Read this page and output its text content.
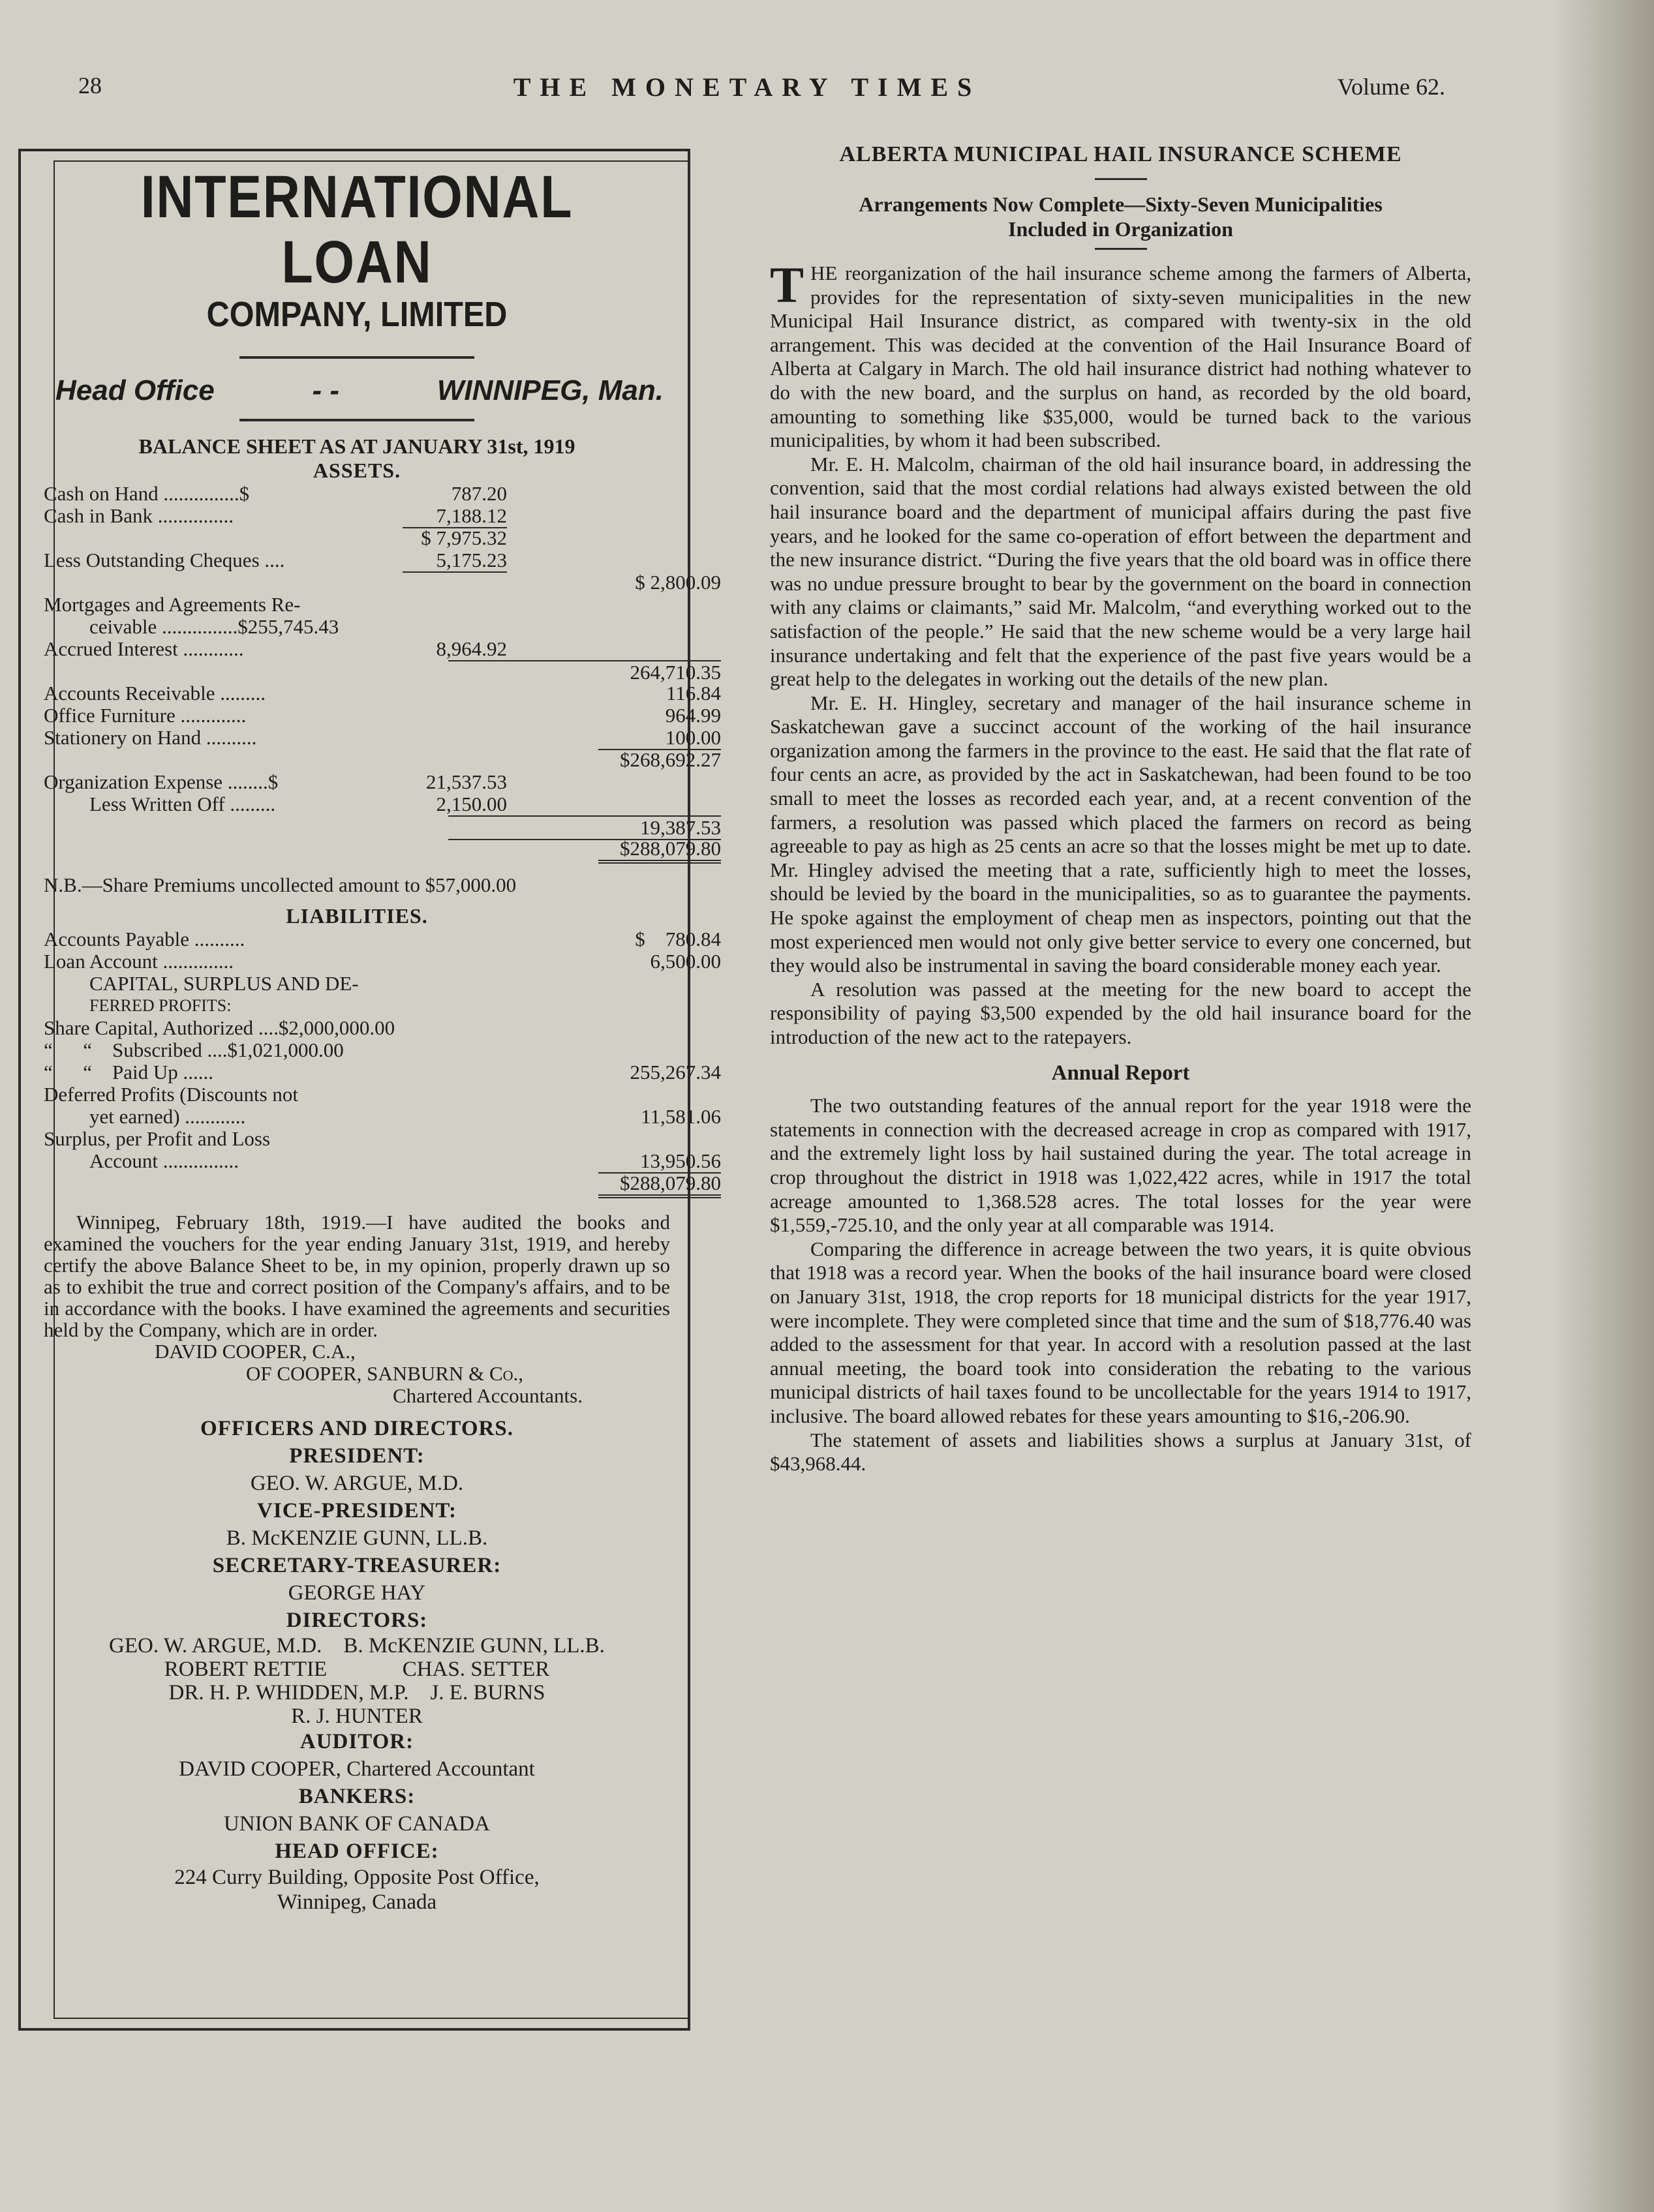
28	THE MONETARY TIMES	Volume 62.
INTERNATIONAL LOAN
COMPANY, LIMITED
Head Office	- -	WINNIPEG, Man.
BALANCE SHEET AS AT JANUARY 31st, 1919
ASSETS.
Cash on Hand ...............$	787.20
Cash in Bank ...............	7,188.12
$ 7,975.32
Less Outstanding Cheques ....	5,175.23
$ 2,800.09
Mortgages and Agreements Re-
ceivable ...............$255,745.43
Accrued Interest ............	8,964.92
264,710.35
Accounts Receivable .........	116.84
Office Furniture .............	964.99
Stationery on Hand ..........	100.00
$268,692.27
Organization Expense ........$	21,537.53
Less Written Off .........	2,150.00
19,387.53
$288,079.80
N.B.—Share Premiums uncollected amount to $57,000.00
LIABILITIES.
Accounts Payable ..........	$    780.84
Loan Account ..............	6,500.00
CAPITAL, SURPLUS AND DE-
FERRED PROFITS:
Share Capital, Authorized ....$2,000,000.00
“      “    Subscribed ....$1,021,000.00
“      “    Paid Up ......	255,267.34
Deferred Profits (Discounts not
yet earned) ............	11,581.06
Surplus, per Profit and Loss
Account ...............	13,950.56
$288,079.80
Winnipeg, February 18th, 1919.—I have audited the books and examined the vouchers for the year ending January 31st, 1919, and hereby certify the above Balance Sheet to be, in my opinion, properly drawn up so as to exhibit the true and correct position of the Company's affairs, and to be in accordance with the books. I have examined the agreements and securities held by the Company, which are in order.
DAVID COOPER, C.A.,
OF COOPER, SANBURN & Co.,
Chartered Accountants.
OFFICERS AND DIRECTORS.
PRESIDENT:
GEO. W. ARGUE, M.D.
VICE-PRESIDENT:
B. McKENZIE GUNN, LL.B.
SECRETARY-TREASURER:
GEORGE HAY
DIRECTORS:
GEO. W. ARGUE, M.D.    B. McKENZIE GUNN, LL.B.
ROBERT RETTIE              CHAS. SETTER
DR. H. P. WHIDDEN, M.P.    J. E. BURNS
R. J. HUNTER
AUDITOR:
DAVID COOPER, Chartered Accountant
BANKERS:
UNION BANK OF CANADA
HEAD OFFICE:
224 Curry Building, Opposite Post Office,
Winnipeg, Canada
ALBERTA MUNICIPAL HAIL INSURANCE SCHEME
Arrangements Now Complete—Sixty-Seven Municipalities
Included in Organization

THE reorganization of the hail insurance scheme among the farmers of Alberta, provides for the representation of sixty-seven municipalities in the new Municipal Hail Insurance district, as compared with twenty-six in the old arrangement. This was decided at the convention of the Hail Insurance Board of Alberta at Calgary in March. The old hail insurance district had nothing whatever to do with the new board, and the surplus on hand, as recorded by the old board, amounting to something like $35,000, would be turned back to the various municipalities, by whom it had been subscribed.

Mr. E. H. Malcolm, chairman of the old hail insurance board, in addressing the convention, said that the most cordial relations had always existed between the old hail insurance board and the department of municipal affairs during the past five years, and he looked for the same co-operation of effort between the department and the new insurance district. “During the five years that the old board was in office there was no undue pressure brought to bear by the government on the board in connection with any claims or claimants,” said Mr. Malcolm, “and everything worked out to the satisfaction of the people.” He said that the new scheme would be a very large hail insurance undertaking and felt that the experience of the past five years would be a great help to the delegates in working out the details of the new plan.

Mr. E. H. Hingley, secretary and manager of the hail insurance scheme in Saskatchewan gave a succinct account of the working of the hail insurance organization among the farmers in the province to the east. He said that the flat rate of four cents an acre, as provided by the act in Saskatchewan, had been found to be too small to meet the losses as recorded each year, and, at a recent convention of the farmers, a resolution was passed which placed the farmers on record as being agreeable to pay as high as 25 cents an acre so that the losses might be met up to date. Mr. Hingley advised the meeting that a rate, sufficiently high to meet the losses, should be levied by the board in the municipalities, so as to guarantee the payments. He spoke against the employment of cheap men as inspectors, pointing out that the most experienced men would not only give better service to every one concerned, but they would also be instrumental in saving the board considerable money each year.

A resolution was passed at the meeting for the new board to accept the responsibility of paying $3,500 expended by the old hail insurance board for the introduction of the new act to the ratepayers.

Annual Report

The two outstanding features of the annual report for the year 1918 were the statements in connection with the decreased acreage in crop as compared with 1917, and the extremely light loss by hail sustained during the year. The total acreage in crop throughout the district in 1918 was 1,022,422 acres, while in 1917 the total acreage amounted to 1,368.528 acres. The total losses for the year were $1,559,-725.10, and the only year at all comparable was 1914.

Comparing the difference in acreage between the two years, it is quite obvious that 1918 was a record year. When the books of the hail insurance board were closed on January 31st, 1918, the crop reports for 18 municipal districts for the year 1917, were incomplete. They were completed since that time and the sum of $18,776.40 was added to the assessment for that year. In accord with a resolution passed at the last annual meeting, the board took into consideration the rebating to the various municipal districts of hail taxes found to be uncollectable for the years 1914 to 1917, inclusive. The board allowed rebates for these years amounting to $16,-206.90.

The statement of assets and liabilities shows a surplus at January 31st, of $43,968.44.
